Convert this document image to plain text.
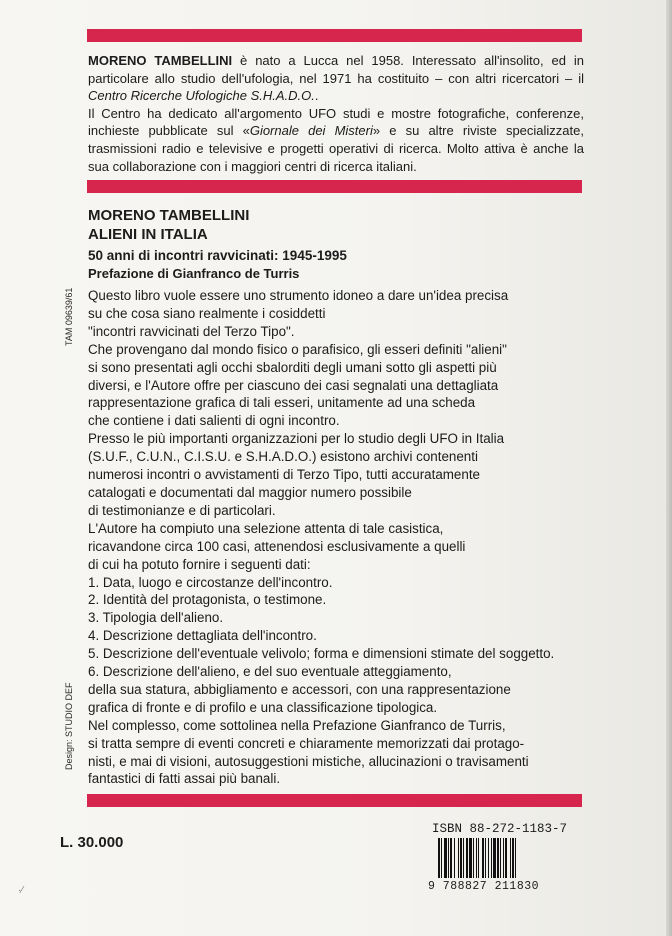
MORENO TAMBELLINI è nato a Lucca nel 1958. Interessato all'insolito, ed in particolare allo studio dell'ufologia, nel 1971 ha costituito – con altri ricercatori – il Centro Ricerche Ufologiche S.H.A.D.O..

Il Centro ha dedicato all'argomento UFO studi e mostre fotografiche, conferenze, inchieste pubblicate sul «Giornale dei Misteri» e su altre riviste specializzate, trasmissioni radio e televisive e progetti operativi di ricerca. Molto attiva è anche la sua collaborazione con i maggiori centri di ricerca italiani.

MORENO TAMBELLINI
ALIENI IN ITALIA
50 anni di incontri ravvicinati: 1945-1995
Prefazione di Gianfranco de Turris

Questo libro vuole essere uno strumento idoneo a dare un'idea precisa

su che cosa siano realmente i cosiddetti

"incontri ravvicinati del Terzo Tipo".

Che provengano dal mondo fisico o parafisico, gli esseri definiti "alieni"

si sono presentati agli occhi sbalorditi degli umani sotto gli aspetti più

diversi, e l'Autore offre per ciascuno dei casi segnalati una dettagliata

rappresentazione grafica di tali esseri, unitamente ad una scheda

che contiene i dati salienti di ogni incontro.

Presso le più importanti organizzazioni per lo studio degli UFO in Italia

(S.U.F., C.U.N., C.I.S.U. e S.H.A.D.O.) esistono archivi contenenti

numerosi incontri o avvistamenti di Terzo Tipo, tutti accuratamente

catalogati e documentati dal maggior numero possibile

di testimonianze e di particolari.

L'Autore ha compiuto una selezione attenta di tale casistica,

ricavandone circa 100 casi, attenendosi esclusivamente a quelli

di cui ha potuto fornire i seguenti dati:

1. Data, luogo e circostanze dell'incontro.

2. Identità del protagonista, o testimone.

3. Tipologia dell'alieno.

4. Descrizione dettagliata dell'incontro.

5. Descrizione dell'eventuale velivolo; forma e dimensioni stimate del soggetto.

6. Descrizione dell'alieno, e del suo eventuale atteggiamento,

della sua statura, abbigliamento e accessori, con una rappresentazione

grafica di fronte e di profilo e una classificazione tipologica.

Nel complesso, come sottolinea nella Prefazione Gianfranco de Turris,

si tratta sempre di eventi concreti e chiaramente memorizzati dai protago-

nisti, e mai di visioni, autosuggestioni mistiche, allucinazioni o travisamenti

fantastici di fatti assai più banali.

TAM 09639/61
Design: STUDIO DEF
L. 30.000
ISBN 88-272-1183-7
9 788827 211830
·⁄
